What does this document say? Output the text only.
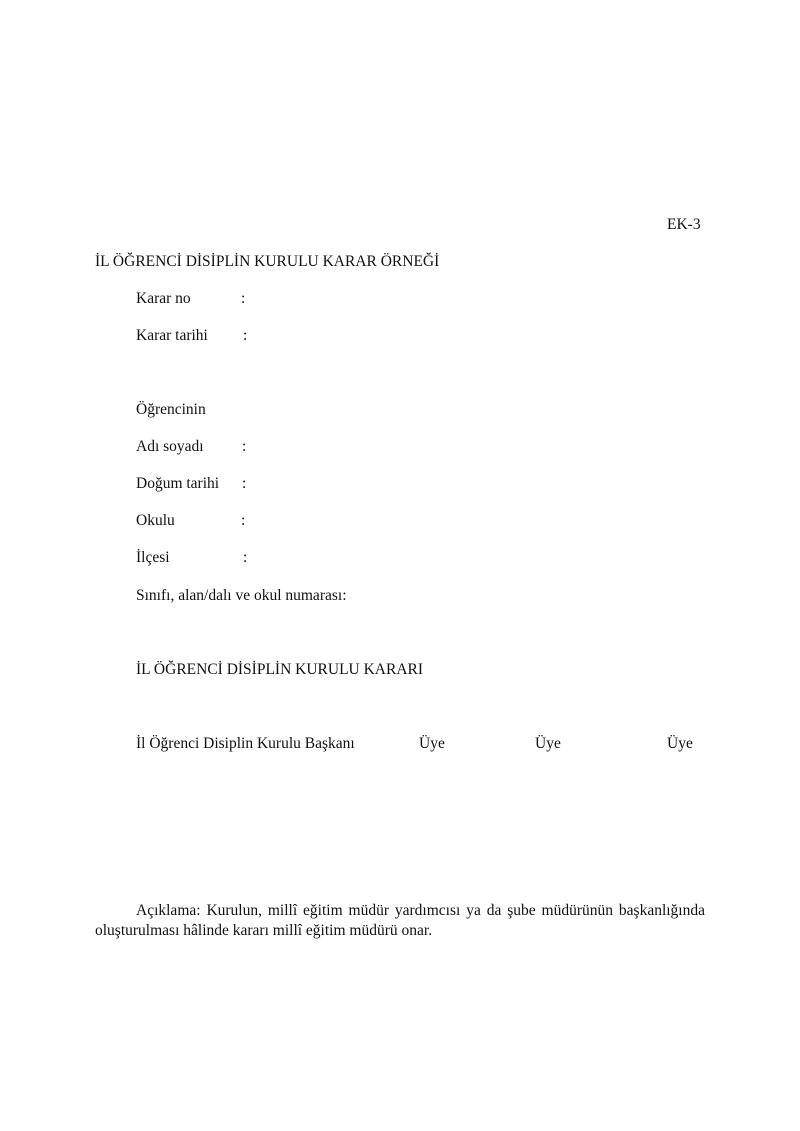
EK-3
İL ÖĞRENCİ DİSİPLİN KURULU KARAR ÖRNEĞİ
Karar no	:
Karar tarihi :
Öğrencinin
Adı soyadı :
Doğum tarihi :
Okulu	:
İlçesi	:
Sınıfı, alan/dalı ve okul numarası:
İL ÖĞRENCİ DİSİPLİN KURULU KARARI
İl Öğrenci Disiplin Kurulu Başkanı	Üye	Üye	Üye
Açıklama: Kurulun, millî eğitim müdür yardımcısı ya da şube müdürünün başkanlığında oluşturulması hâlinde kararı millî eğitim müdürü onar.
